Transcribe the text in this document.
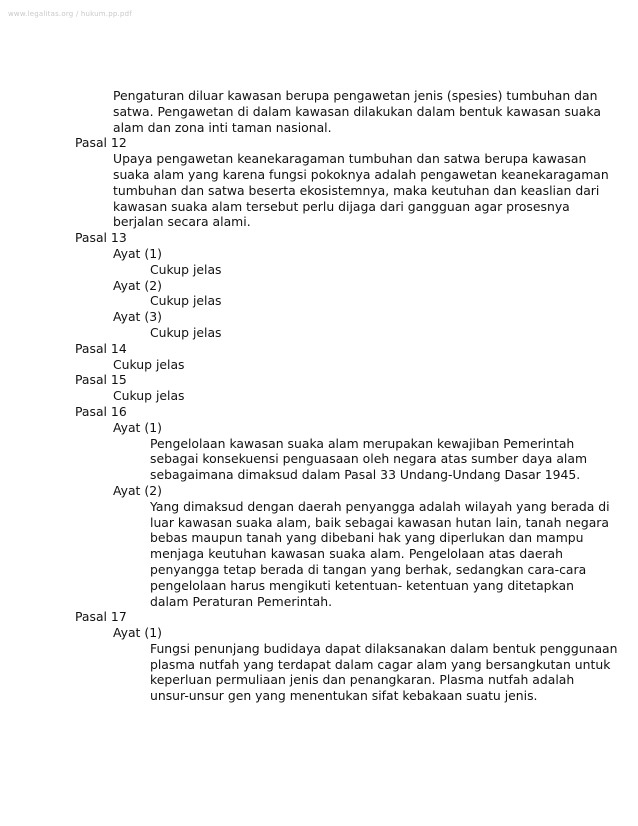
www.legalitas.org / hukum.pp.pdf

Pengaturan diluar kawasan berupa pengawetan jenis (spesies) tumbuhan dan

satwa. Pengawetan di dalam kawasan dilakukan dalam bentuk kawasan suaka

alam dan zona inti taman nasional.

Pasal 12

Upaya pengawetan keanekaragaman tumbuhan dan satwa berupa kawasan

suaka alam yang karena fungsi pokoknya adalah pengawetan keanekaragaman

tumbuhan dan satwa beserta ekosistemnya, maka keutuhan dan keaslian dari

kawasan suaka alam tersebut perlu dijaga dari gangguan agar prosesnya

berjalan secara alami.

Pasal 13

Ayat (1)

Cukup jelas

Ayat (2)

Cukup jelas

Ayat (3)

Cukup jelas

Pasal 14

Cukup jelas

Pasal 15

Cukup jelas

Pasal 16

Ayat (1)

Pengelolaan kawasan suaka alam merupakan kewajiban Pemerintah

sebagai konsekuensi penguasaan oleh negara atas sumber daya alam

sebagaimana dimaksud dalam Pasal 33 Undang-Undang Dasar 1945.

Ayat (2)

Yang dimaksud dengan daerah penyangga adalah wilayah yang berada di

luar kawasan suaka alam, baik sebagai kawasan hutan lain, tanah negara

bebas maupun tanah yang dibebani hak yang diperlukan dan mampu

menjaga keutuhan kawasan suaka alam. Pengelolaan atas daerah

penyangga tetap berada di tangan yang berhak, sedangkan cara-cara

pengelolaan harus mengikuti ketentuan- ketentuan yang ditetapkan

dalam Peraturan Pemerintah.

Pasal 17

Ayat (1)

Fungsi penunjang budidaya dapat dilaksanakan dalam bentuk penggunaan

plasma nutfah yang terdapat dalam cagar alam yang bersangkutan untuk

keperluan permuliaan jenis dan penangkaran. Plasma nutfah adalah

unsur-unsur gen yang menentukan sifat kebakaan suatu jenis.
